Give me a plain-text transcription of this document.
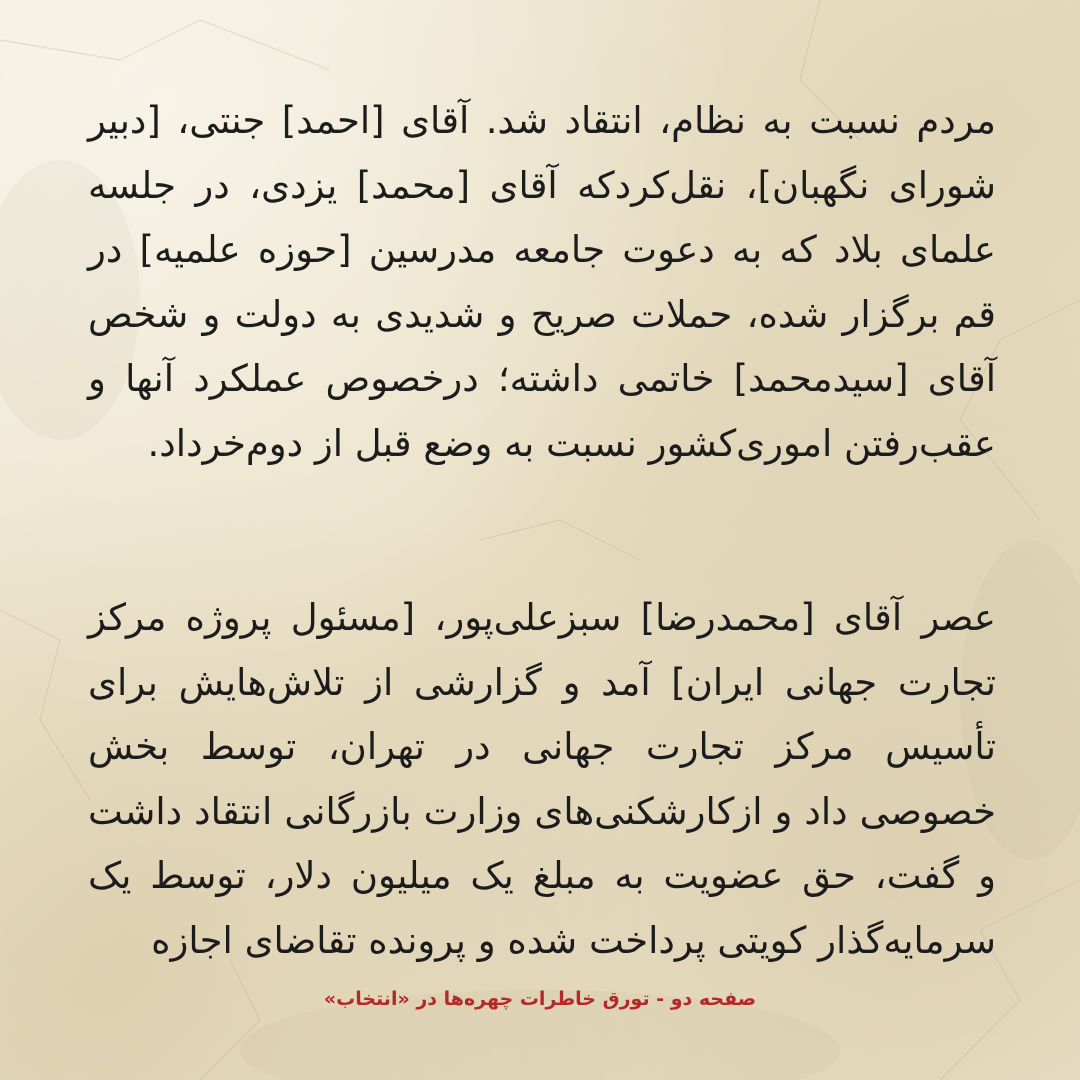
مردم نسبت به نظام، انتقاد شد. آقای [احمد] جنتی، [دبیر شورای نگهبان]، نقل‌کرد‌که آقای [محمد] یزدی، در جلسه علمای بلاد که به دعوت جامعه مدرسین [حوزه علمیه] در قم برگزار شده، حملات صریح و شدیدی به دولت و شخص آقای [سیدمحمد] خاتمی داشته؛ درخصوص عملکرد آنها و عقب‌رفتن اموری‌کشور نسبت به وضع قبل از دوم‌خرداد.

عصر آقای [محمدرضا] سبزعلی‌پور، [مسئول پروژه مرکز تجارت جهانی ایران] آمد و گزارشی از تلاش‌هایش برای تأسیس مرکز تجارت جهانی در تهران، توسط بخش خصوصی داد و ازکارشکنی‌های وزارت بازرگانی انتقاد داشت و گفت، حق عضویت به مبلغ یک میلیون دلار، توسط یک سرمایه‌گذار کویتی پرداخت شده و پرونده تقاضای اجازه

صفحه دو - تورق خاطرات چهره‌ها در «انتخاب»
